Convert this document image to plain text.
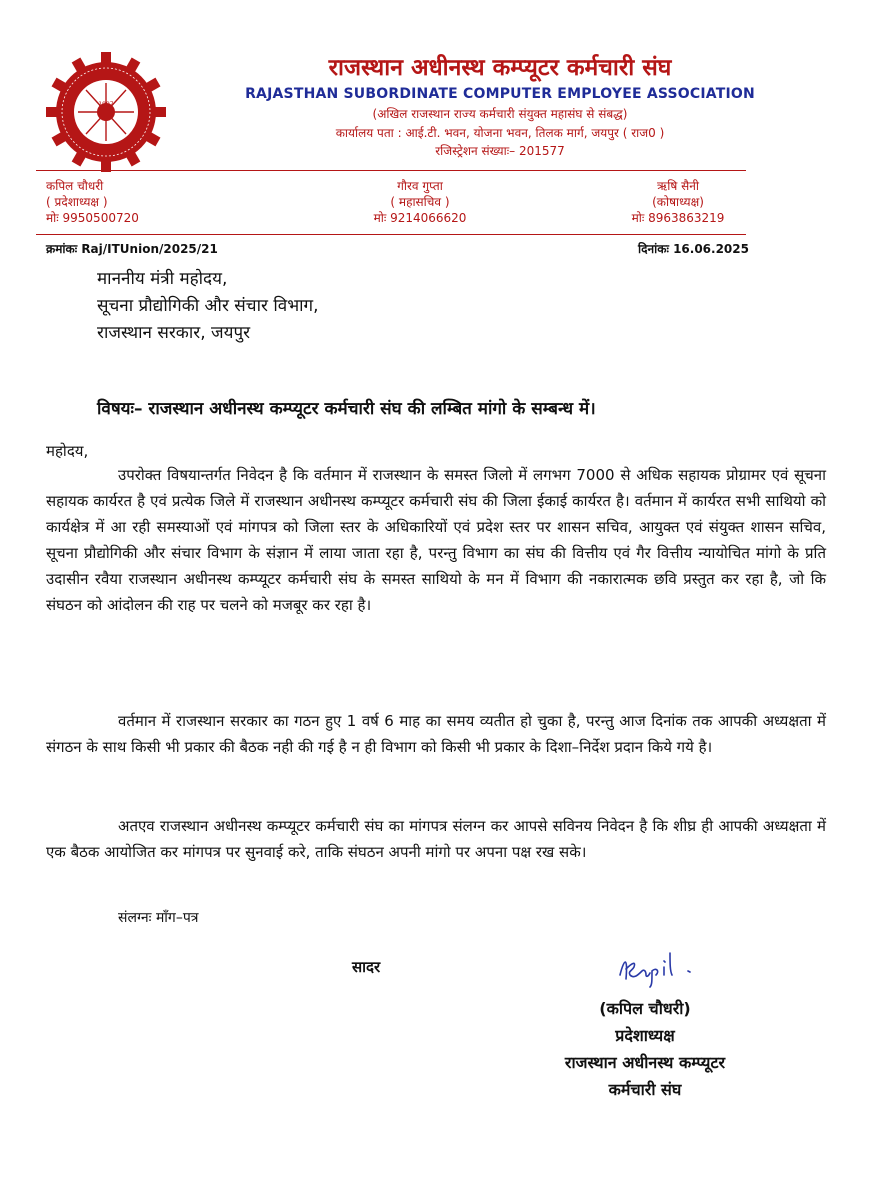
1997
राजस्थान अधीनस्थ कम्प्यूटर कर्मचारी संघ
RAJASTHAN SUBORDINATE COMPUTER EMPLOYEE ASSOCIATION
(अखिल राजस्थान राज्य कर्मचारी संयुक्त महासंघ से संबद्ध)
कार्यालय पता : आई.टी. भवन, योजना भवन, तिलक मार्ग, जयपुर ( राज0 )
रजिस्ट्रेशन संख्याः– 201577
कपिल चौधरी
( प्रदेशाध्यक्ष )
मोः 9950500720
गौरव गुप्ता
( महासचिव )
मोः 9214066620
ऋषि सैनी
(कोषाध्यक्ष)
मोः 8963863219
क्रमांकः Raj/ITUnion/2025/21	दिनांकः 16.06.2025
माननीय मंत्री महोदय,
सूचना प्रौद्योगिकी और संचार विभाग,
राजस्थान सरकार, जयपुर
विषयः– राजस्थान अधीनस्थ कम्प्यूटर कर्मचारी संघ की लम्बित मांगो के सम्बन्ध में।
महोदय,
उपरोक्त विषयान्तर्गत निवेदन है कि वर्तमान में राजस्थान के समस्त जिलो में लगभग 7000 से अधिक सहायक प्रोग्रामर एवं सूचना सहायक कार्यरत है एवं प्रत्येक जिले में राजस्थान अधीनस्थ कम्प्यूटर कर्मचारी संघ की जिला ईकाई कार्यरत है। वर्तमान में कार्यरत सभी साथियो को कार्यक्षेत्र में आ रही समस्याओं एवं मांगपत्र को जिला स्तर के अधिकारियों एवं प्रदेश स्तर पर शासन सचिव, आयुक्त एवं संयुक्त शासन सचिव, सूचना प्रौद्योगिकी और संचार विभाग के संज्ञान में लाया जाता रहा है, परन्तु विभाग का संघ की वित्तीय एवं गैर वित्तीय न्यायोचित मांगो के प्रति उदासीन रवैया राजस्थान अधीनस्थ कम्प्यूटर कर्मचारी संघ के समस्त साथियो के मन में विभाग की नकारात्मक छवि प्रस्तुत कर रहा है, जो कि संघठन को आंदोलन की राह पर चलने को मजबूर कर रहा है।
वर्तमान में राजस्थान सरकार का गठन हुए 1 वर्ष 6 माह का समय व्यतीत हो चुका है, परन्तु आज दिनांक तक आपकी अध्यक्षता में संगठन के साथ किसी भी प्रकार की बैठक नही की गई है न ही विभाग को किसी भी प्रकार के दिशा–निर्देश प्रदान किये गये है।
अतएव राजस्थान अधीनस्थ कम्प्यूटर कर्मचारी संघ का मांगपत्र संलग्न कर आपसे सविनय निवेदन है कि शीघ्र ही आपकी अध्यक्षता में एक बैठक आयोजित कर मांगपत्र पर सुनवाई करे, ताकि संघठन अपनी मांगो पर अपना पक्ष रख सके।
संलग्नः मॉंग–पत्र
सादर
(कपिल चौधरी)
प्रदेशाध्यक्ष
राजस्थान अधीनस्थ कम्प्यूटर
कर्मचारी संघ
